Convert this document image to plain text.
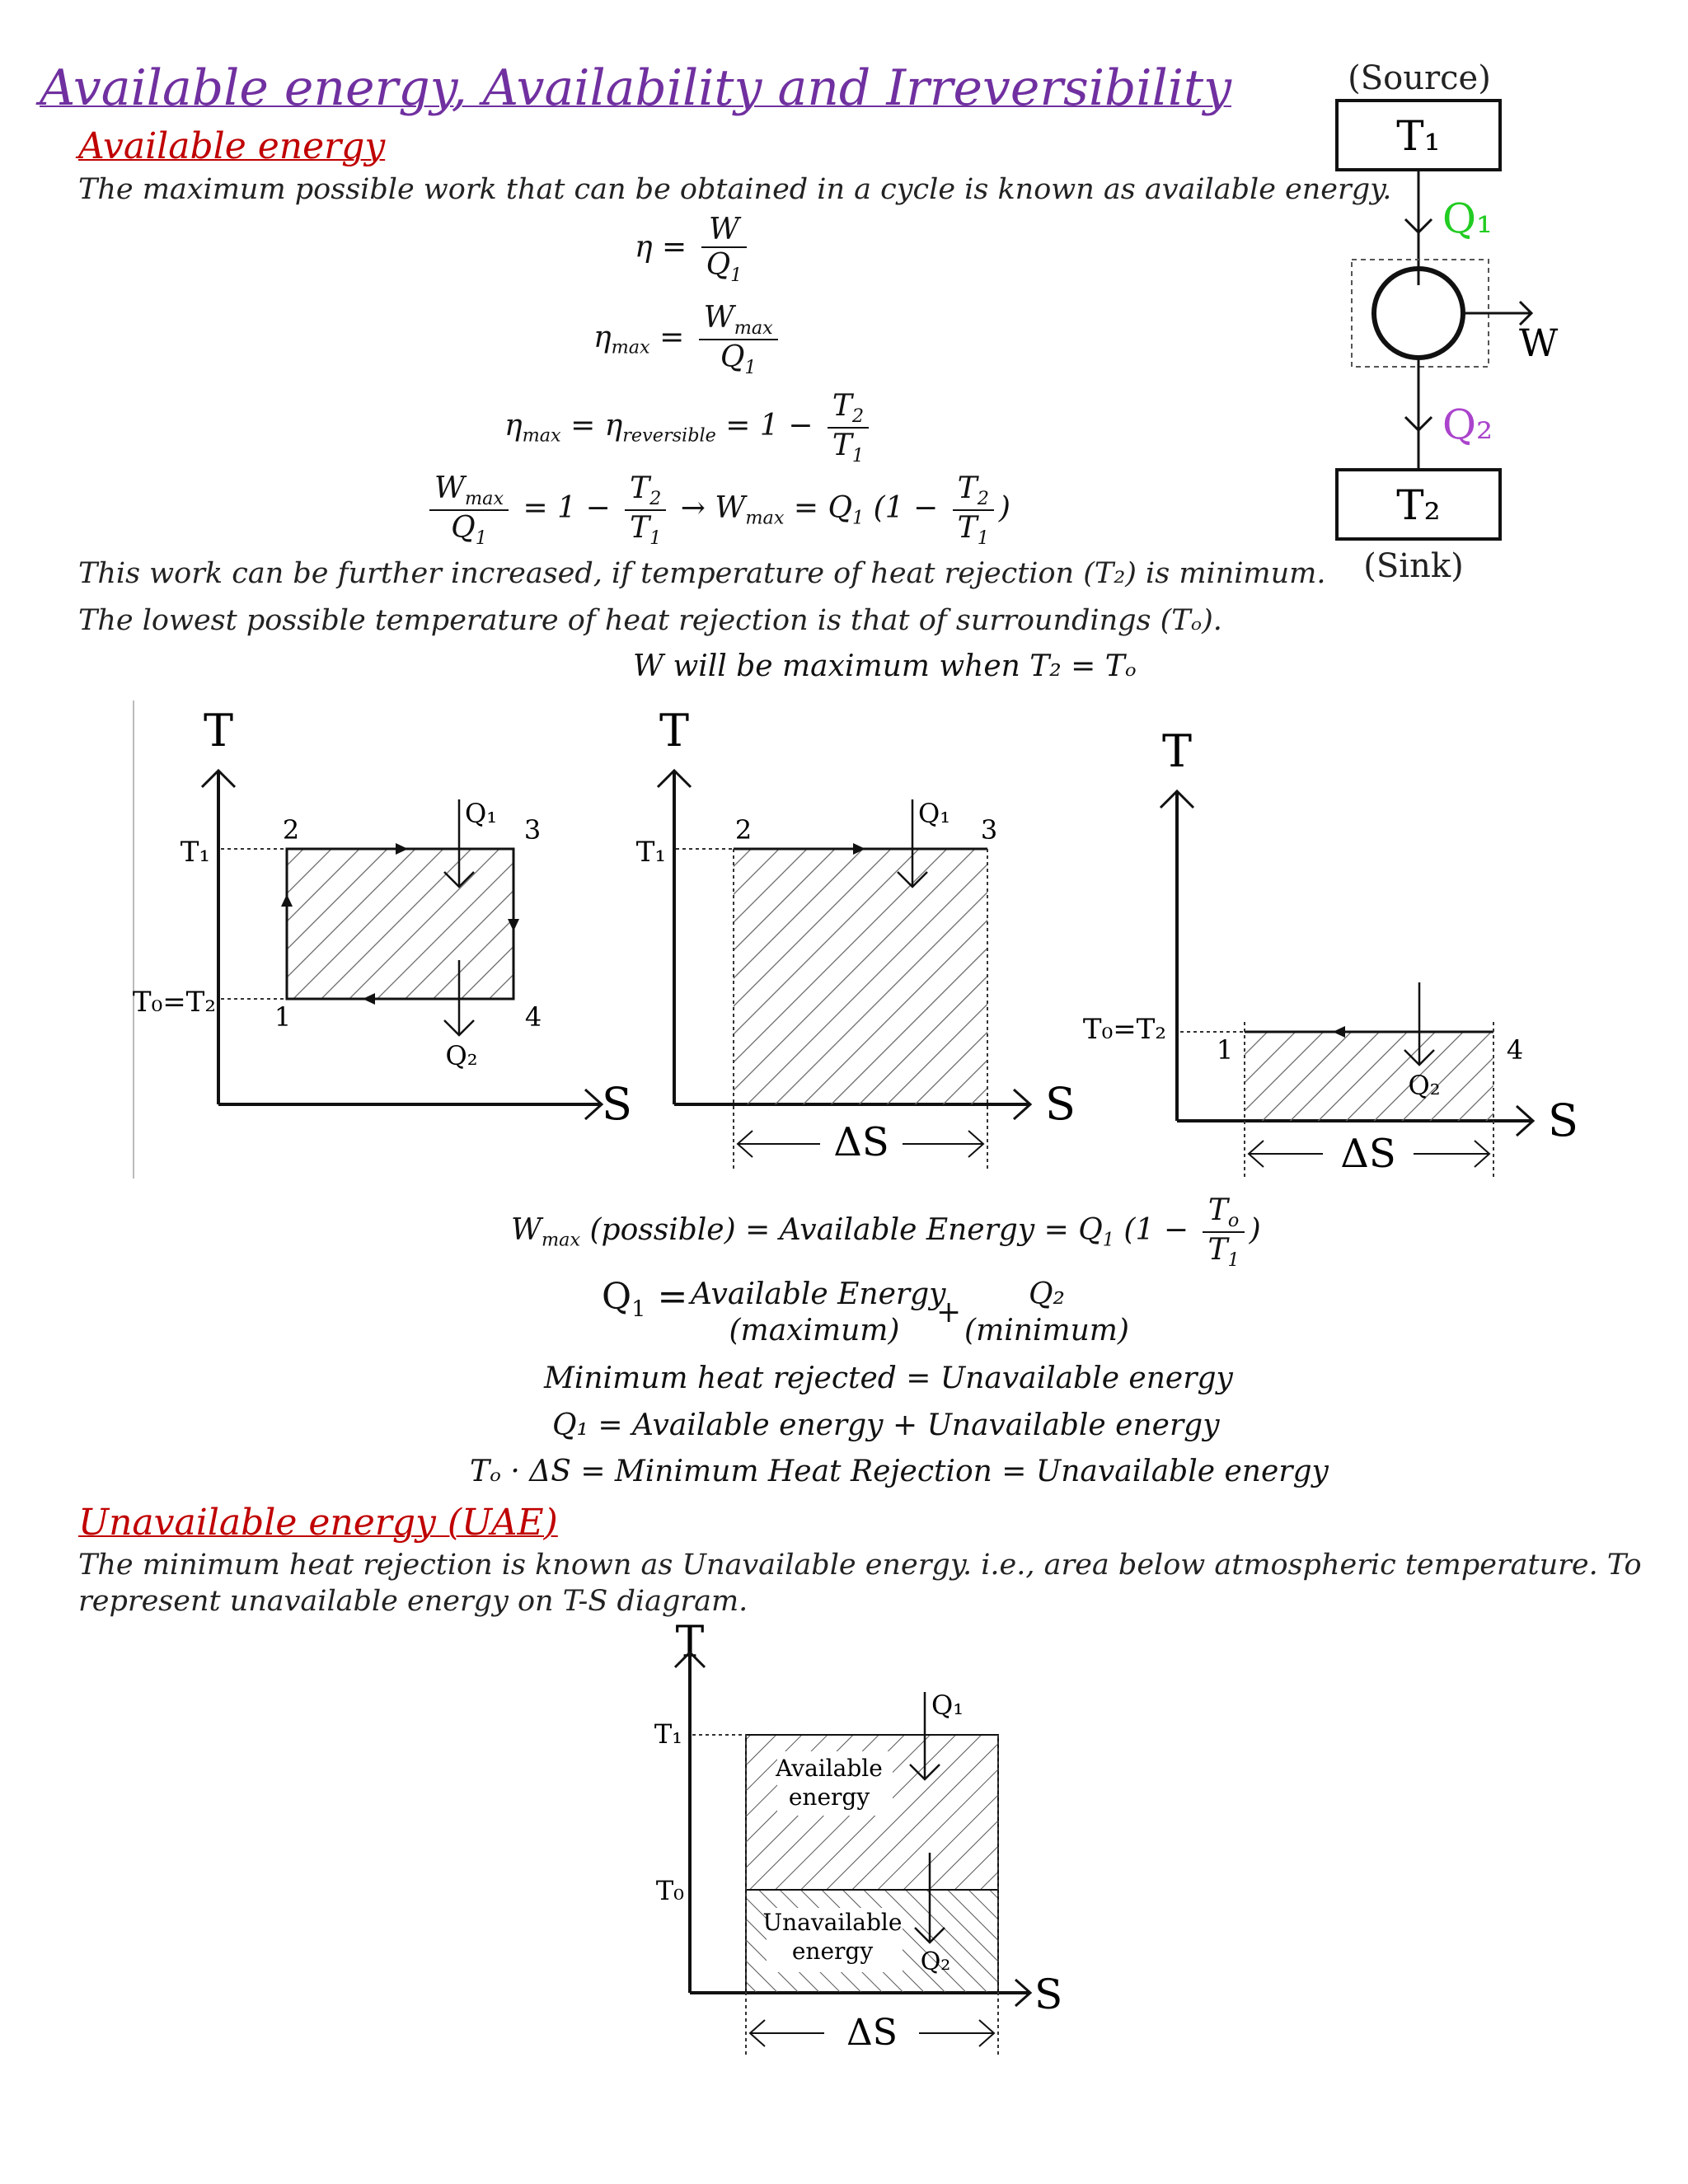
Available energy, Availability and Irreversibility
Available energy
The maximum possible work that can be obtained in a cycle is known as available energy.
$\eta = \frac{W}{Q_1}$
$\eta_{max} = \frac{W_{max}}{Q_1}$
$\eta_{max} = \eta_{reversible} = 1 - \frac{T_2}{T_1}$
$\frac{W_{max}}{Q_1} = 1 - \frac{T_2}{T_1} \to W_{max} = Q_1$ ($1 - \frac{T_2}{T_1}$ )
This work can be further increased, if temperature of heat rejection (T₂) is minimum.
The lowest possible temperature of heat rejection is that of surroundings (Tₒ).
W will be maximum when T₂ = Tₒ
(Source)
T₁
Q₁
W
Q₂
T₂
(Sink)
T
S
T₁
T₀=T₂ 1
2	3
4
Q₁
Q₂
T
S
T₁
2	3
Q₁
ΔS
T
S
T₀=T₂
1	4
Q₂
ΔS
$W_{max}$ (possible) = Available Energy = $Q_1$ ($1 - \frac{T_o}{T_1}$ )
$Q_1$ = Available Energy
(maximum)
+
Q₂
(minimum)
Minimum heat rejected = Unavailable energy
Q₁ = Available energy + Unavailable energy
Tₒ · ΔS = Minimum Heat Rejection = Unavailable energy
Unavailable energy (UAE)
The minimum heat rejection is known as Unavailable energy. i.e., area below atmospheric temperature. To represent unavailable energy on T-S diagram.
T
S
T₁
T₀
Available
energy
Unavailable
energy
Q₁
Q₂
ΔS
